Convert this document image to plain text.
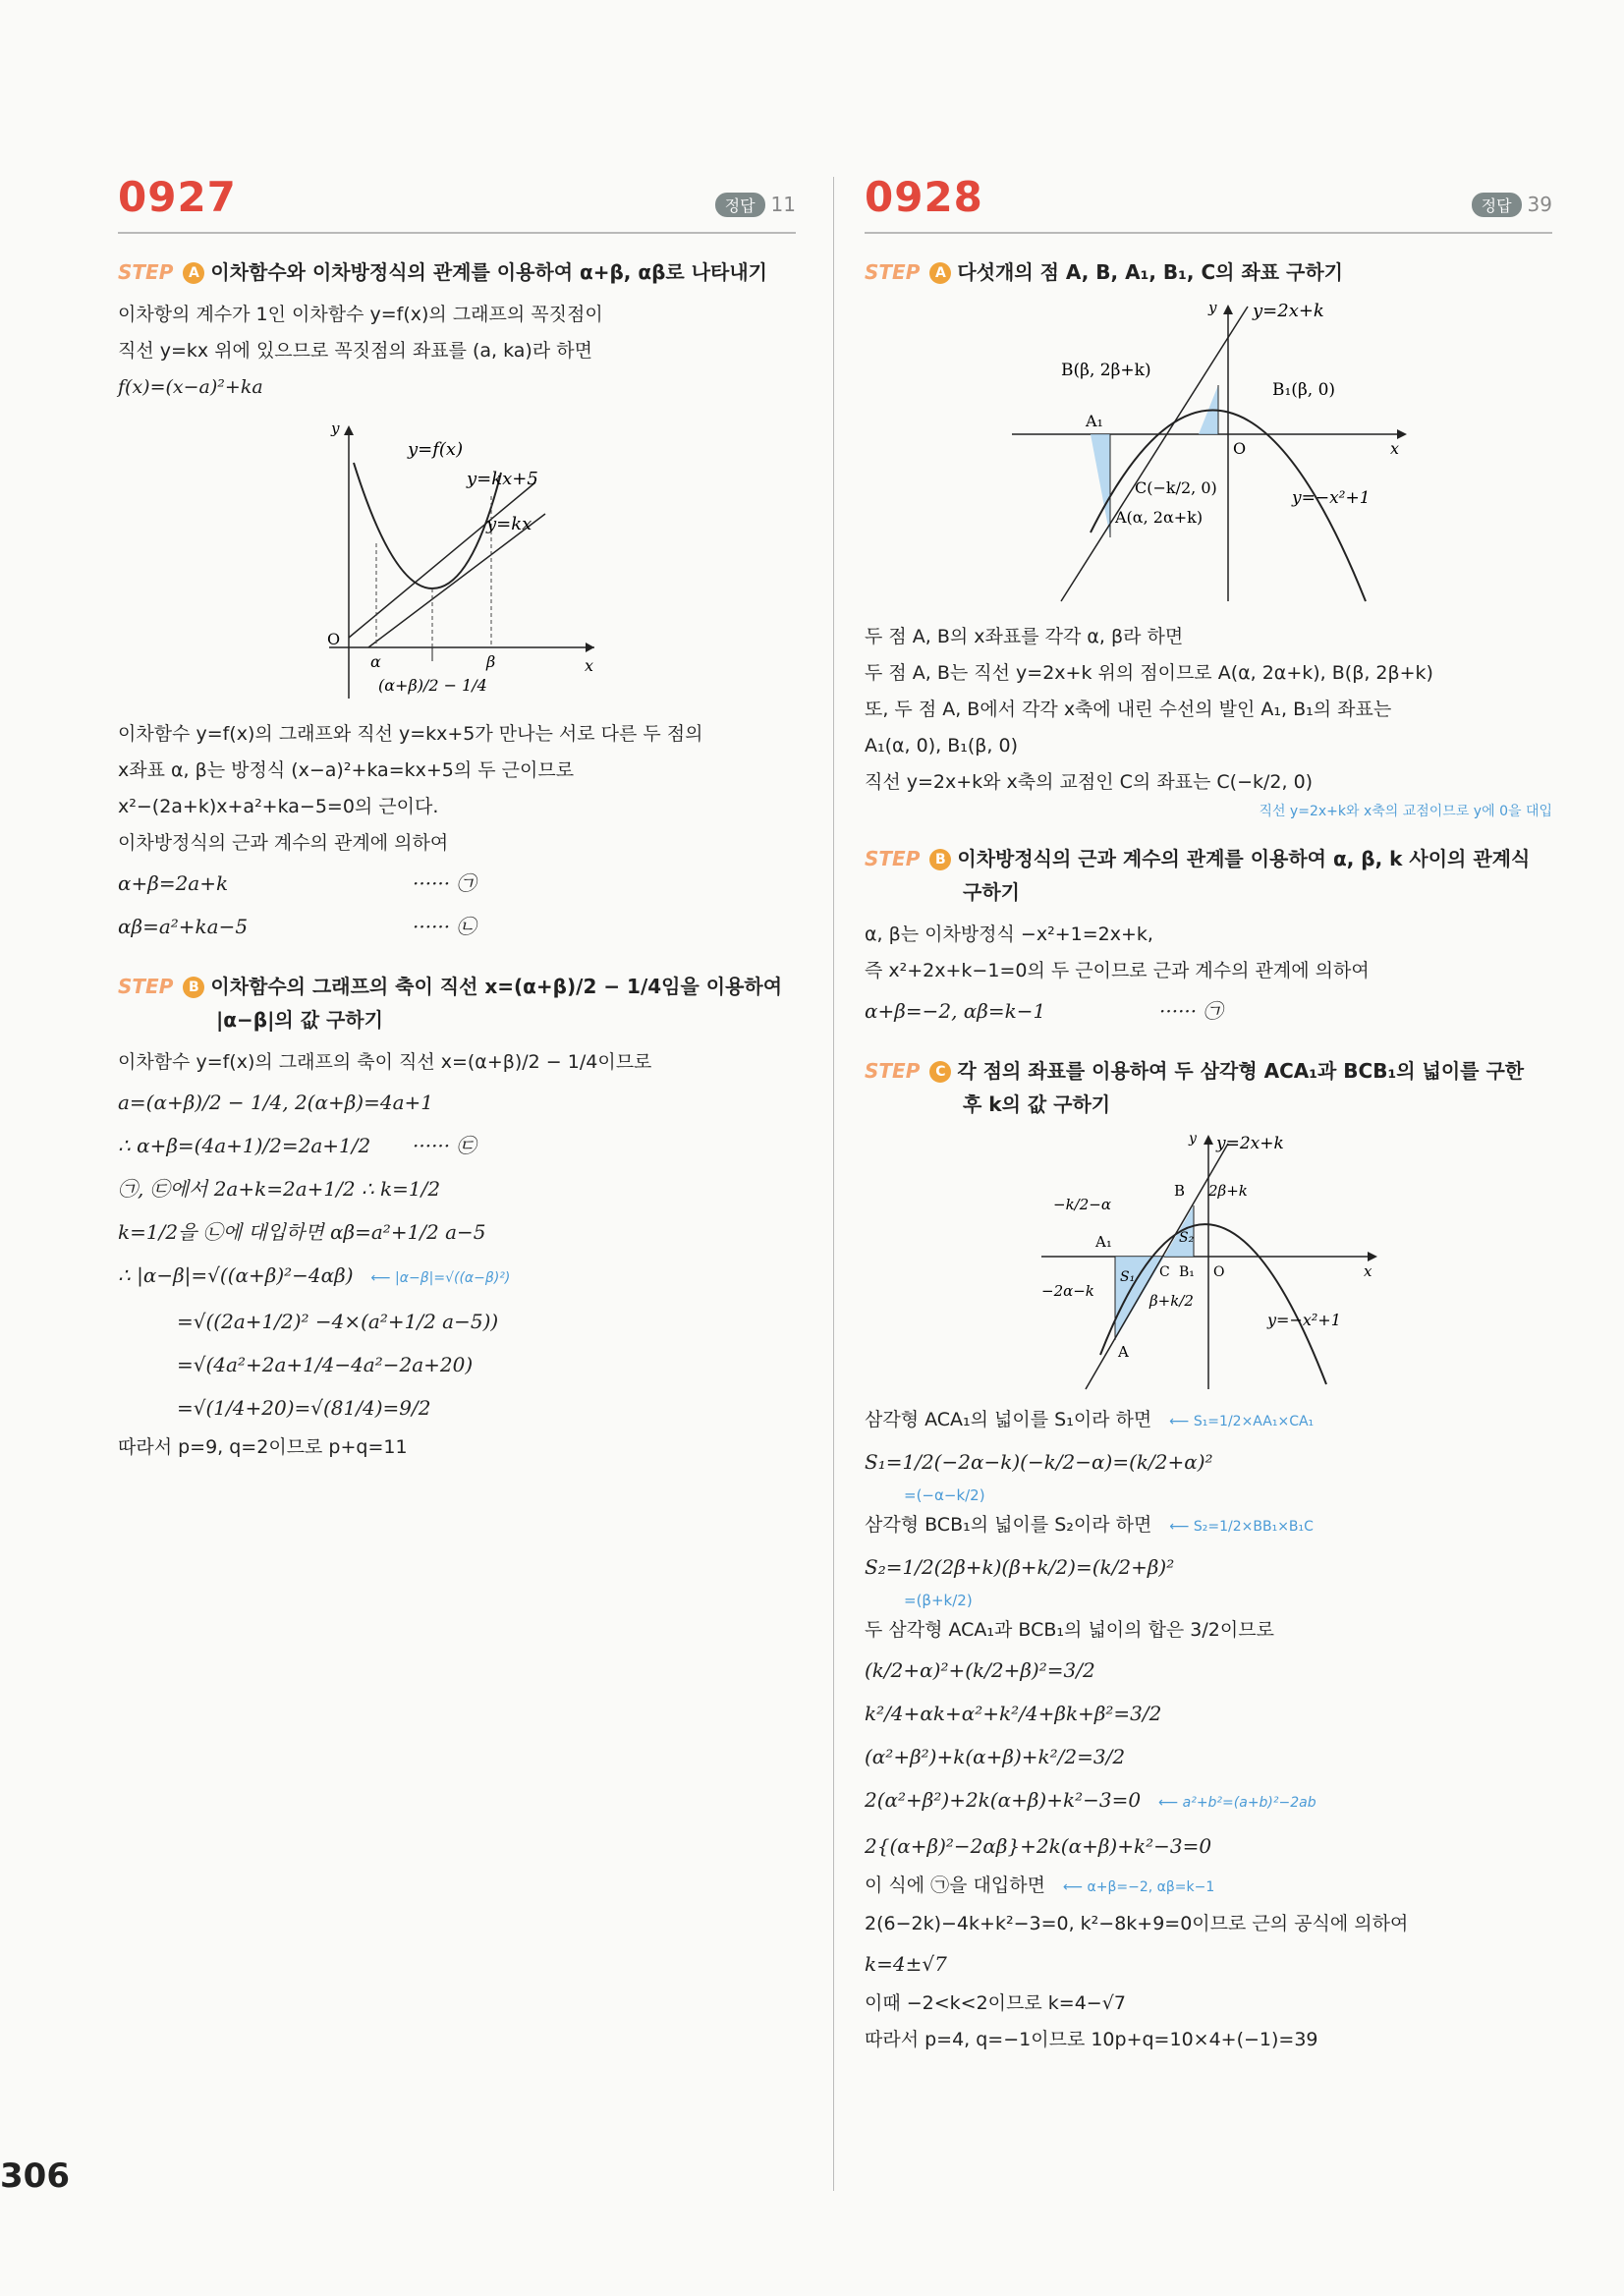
0927	정답 11
STEP A 이차함수와 이차방정식의 관계를 이용하여 α+β, αβ로 나타내기
이차항의 계수가 1인 이차함수 y=f(x)의 그래프의 꼭짓점이
직선 y=kx 위에 있으므로 꼭짓점의 좌표를 (a, ka)라 하면
f(x)=(x−a)²+ka
y
O
x
y=f(x)
y=kx+5
y=kx
α	β
(α+β)/2 − 1/4
이차함수 y=f(x)의 그래프와 직선 y=kx+5가 만나는 서로 다른 두 점의
x좌표 α, β는 방정식 (x−a)²+ka=kx+5의 두 근이므로
x²−(2a+k)x+a²+ka−5=0의 근이다.
이차방정식의 근과 계수의 관계에 의하여
α+β=2a+k	······ ㉠
αβ=a²+ka−5	······ ㉡
STEP B 이차함수의 그래프의 축이 직선 x=(α+β)/2 − 1/4임을 이용하여
|α−β|의 값 구하기
이차함수 y=f(x)의 그래프의 축이 직선 x=(α+β)/2 − 1/4이므로
a=(α+β)/2 − 1/4, 2(α+β)=4a+1
∴ α+β=(4a+1)/2=2a+1/2 ······ ㉢
㉠, ㉢에서 2a+k=2a+1/2 ∴ k=1/2
k=1/2을 ㉡에 대입하면 αβ=a²+1/2 a−5
∴ |α−β|=√((α+β)²−4αβ)	⟵ |α−β|=√((α−β)²)
=√((2a+1/2)² −4×(a²+1/2 a−5))
=√(4a²+2a+1/4−4a²−2a+20)
=√(1/4+20)=√(81/4)=9/2
따라서 p=9, q=2이므로 p+q=11
306
0928	정답 39
STEP A 다섯개의 점 A, B, A₁, B₁, C의 좌표 구하기
y y=2x+k
B(β, 2β+k)
B₁(β, 0)
A₁
O	x
C(−k/2, 0)
A(α, 2α+k)
y=−x²+1
두 점 A, B의 x좌표를 각각 α, β라 하면
두 점 A, B는 직선 y=2x+k 위의 점이므로 A(α, 2α+k), B(β, 2β+k)
또, 두 점 A, B에서 각각 x축에 내린 수선의 발인 A₁, B₁의 좌표는
A₁(α, 0), B₁(β, 0)
직선 y=2x+k와 x축의 교점인 C의 좌표는 C(−k/2, 0)
직선 y=2x+k와 x축의 교점이므로 y에 0을 대입
STEP B 이차방정식의 근과 계수의 관계를 이용하여 α, β, k 사이의 관계식
구하기
α, β는 이차방정식 −x²+1=2x+k,
즉 x²+2x+k−1=0의 두 근이므로 근과 계수의 관계에 의하여
α+β=−2, αβ=k−1	······ ㉠
STEP C 각 점의 좌표를 이용하여 두 삼각형 ACA₁과 BCB₁의 넓이를 구한
후 k의 값 구하기
y y=2x+k
−k/2−α
B 2β+k
A₁
S₁
S₂
C B₁ O	x
−2α−k
β+k/2
A
y=−x²+1
삼각형 ACA₁의 넓이를 S₁이라 하면	⟵ S₁=1/2×AA₁×CA₁
S₁=1/2(−2α−k)(−k/2−α)=(k/2+α)²
=(−α−k/2)
삼각형 BCB₁의 넓이를 S₂이라 하면	⟵ S₂=1/2×BB₁×B₁C
S₂=1/2(2β+k)(β+k/2)=(k/2+β)²
=(β+k/2)
두 삼각형 ACA₁과 BCB₁의 넓이의 합은 3/2이므로
(k/2+α)²+(k/2+β)²=3/2
k²/4+αk+α²+k²/4+βk+β²=3/2
(α²+β²)+k(α+β)+k²/2=3/2
2(α²+β²)+2k(α+β)+k²−3=0	⟵ a²+b²=(a+b)²−2ab
2{(α+β)²−2αβ}+2k(α+β)+k²−3=0
이 식에 ㉠을 대입하면	⟵ α+β=−2, αβ=k−1
2(6−2k)−4k+k²−3=0, k²−8k+9=0이므로 근의 공식에 의하여
k=4±√7
이때 −2<k<2이므로 k=4−√7
따라서 p=4, q=−1이므로 10p+q=10×4+(−1)=39
